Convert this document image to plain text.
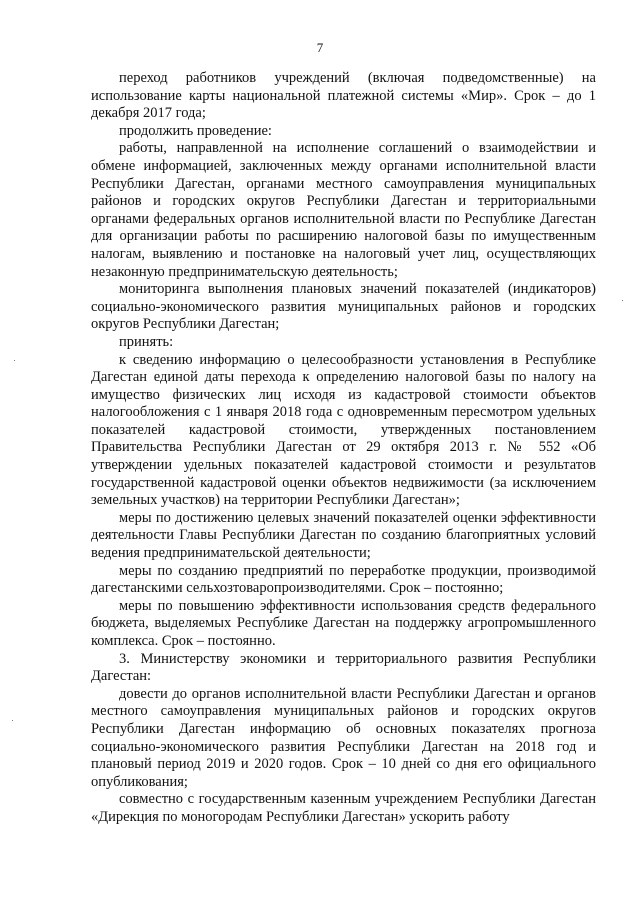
7

переход работников учреждений (включая подведомственные) на использование карты национальной платежной системы «Мир». Срок – до 1 декабря 2017 года;

продолжить проведение:

работы, направленной на исполнение соглашений о взаимодействии и обмене информацией, заключенных между органами исполнительной власти Республики Дагестан, органами местного самоуправления муниципальных районов и городских округов Республики Дагестан и территориальными органами федеральных органов исполнительной власти по Республике Дагестан для организации работы по расширению налоговой базы по имущественным налогам, выявлению и постановке на налоговый учет лиц, осуществляющих незаконную предпринимательскую деятельность;

мониторинга выполнения плановых значений показателей (индикаторов) социально-экономического развития муниципальных районов и городских округов Республики Дагестан;

принять:

к сведению информацию о целесообразности установления в Республике Дагестан единой даты перехода к определению налоговой базы по налогу на имущество физических лиц исходя из кадастровой стоимости объектов налогообложения с 1 января 2018 года с одновременным пересмотром удельных показателей кадастровой стоимости, утвержденных постановлением Правительства Республики Дагестан от 29 октября 2013 г. № 552 «Об утверждении удельных показателей кадастровой стоимости и результатов государственной кадастровой оценки объектов недвижимости (за исключением земельных участков) на территории Республики Дагестан»;

меры по достижению целевых значений показателей оценки эффективности деятельности Главы Республики Дагестан по созданию благоприятных условий ведения предпринимательской деятельности;

меры по созданию предприятий по переработке продукции, производимой дагестанскими сельхозтоваропроизводителями. Срок – постоянно;

меры по повышению эффективности использования средств федерального бюджета, выделяемых Республике Дагестан на поддержку агропромышленного комплекса. Срок – постоянно.

3. Министерству экономики и территориального развития Республики Дагестан:

довести до органов исполнительной власти Республики Дагестан и органов местного самоуправления муниципальных районов и городских округов Республики Дагестан информацию об основных показателях прогноза социально-экономического развития Республики Дагестан на 2018 год и плановый период 2019 и 2020 годов. Срок – 10 дней со дня его официального опубликования;

совместно с государственным казенным учреждением Республики Дагестан «Дирекция по моногородам Республики Дагестан» ускорить работу
